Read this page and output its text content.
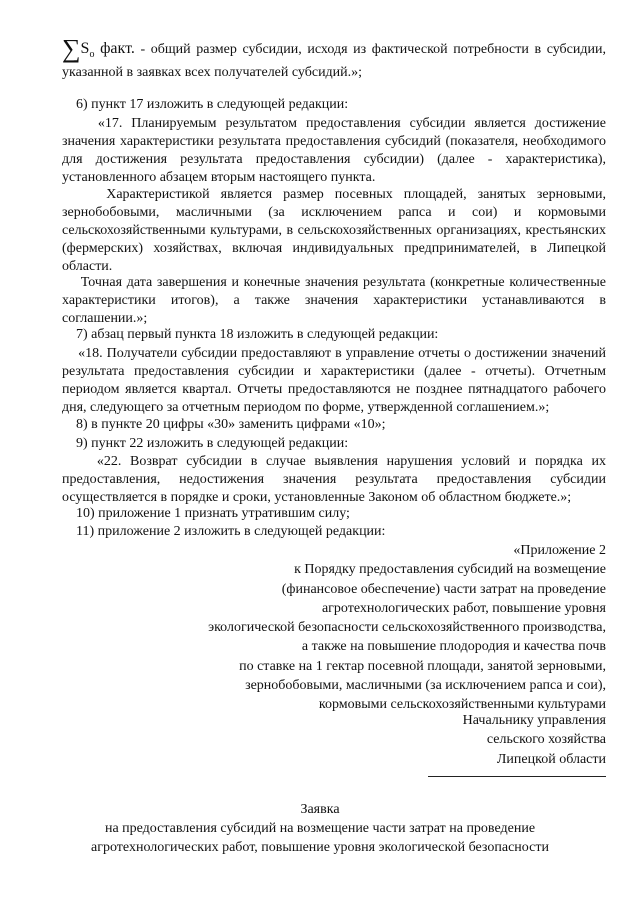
$\sum S_о$ факт. - общий размер субсидии, исходя из фактической потребности в субсидии, указанной в заявках всех получателей субсидий.»;

6) пункт 17 изложить в следующей редакции:

«17. Планируемым результатом предоставления субсидии является достижение значения характеристики результата предоставления субсидий (показателя, необходимого для достижения результата предоставления субсидии) (далее - характеристика), установленного абзацем вторым настоящего пункта.

Характеристикой является размер посевных площадей, занятых зерновыми, зернобобовыми, масличными (за исключением рапса и сои) и кормовыми сельскохозяйственными культурами, в сельскохозяйственных организациях, крестьянских (фермерских) хозяйствах, включая индивидуальных предпринимателей, в Липецкой области.

Точная дата завершения и конечные значения результата (конкретные количественные характеристики итогов), а также значения характеристики устанавливаются в соглашении.»;

7) абзац первый пункта 18 изложить в следующей редакции:

«18. Получатели субсидии предоставляют в управление отчеты о достижении значений результата предоставления субсидии и характеристики (далее - отчеты). Отчетным периодом является квартал. Отчеты предоставляются не позднее пятнадцатого рабочего дня, следующего за отчетным периодом по форме, утвержденной соглашением.»;

8) в пункте 20 цифры «30» заменить цифрами «10»;

9) пункт 22 изложить в следующей редакции:

«22. Возврат субсидии в случае выявления нарушения условий и порядка их предоставления, недостижения значения результата предоставления субсидии осуществляется в порядке и сроки, установленные Законом об областном бюджете.»;

10) приложение 1 признать утратившим силу;

11) приложение 2 изложить в следующей редакции:

«Приложение 2
к Порядку предоставления субсидий на возмещение
(финансовое обеспечение) части затрат на проведение
агротехнологических работ, повышение уровня
экологической безопасности сельскохозяйственного производства,
а также на повышение плодородия и качества почв
по ставке на 1 гектар посевной площади, занятой зерновыми,
зернобобовыми, масличными (за исключением рапса и сои),
кормовыми сельскохозяйственными культурами
Начальнику управления
сельского хозяйства
Липецкой области
Заявка
на предоставления субсидий на возмещение части затрат на проведение
агротехнологических работ, повышение уровня экологической безопасности
